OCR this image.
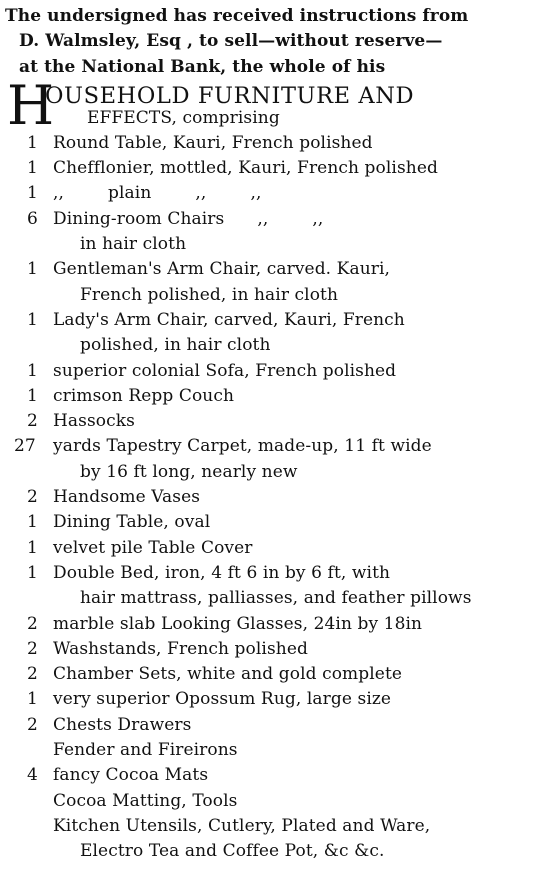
The undersigned has received instructions from
D. Walmsley, Esq , to sell—without reserve—
at the National Bank, the whole of his
H
OUSEHOLD FURNITURE AND
EFFECTS, comprising
1 Round Table, Kauri, French polished
1 Chefflonier, mottled, Kauri, French polished
1 ,,        plain        ,,        ,,
6 Dining-room Chairs      ,,        ,,
in hair cloth
1 Gentleman's Arm Chair, carved. Kauri,
French polished, in hair cloth
1 Lady's Arm Chair, carved, Kauri, French
polished, in hair cloth
1 superior colonial Sofa, French polished
1 crimson Repp Couch
2 Hassocks
27 yards Tapestry Carpet, made-up, 11 ft wide
by 16 ft long, nearly new
2 Handsome Vases
1 Dining Table, oval
1 velvet pile Table Cover
1 Double Bed, iron, 4 ft 6 in by 6 ft, with
hair mattrass, palliasses, and feather pillows
2 marble slab Looking Glasses, 24in by 18in
2 Washstands, French polished
2 Chamber Sets, white and gold complete
1 very superior Opossum Rug, large size
2 Chests Drawers
Fender and Fireirons
4 fancy Cocoa Mats
Cocoa Matting, Tools
Kitchen Utensils, Cutlery, Plated and Ware,
Electro Tea and Coffee Pot, &c &c.
